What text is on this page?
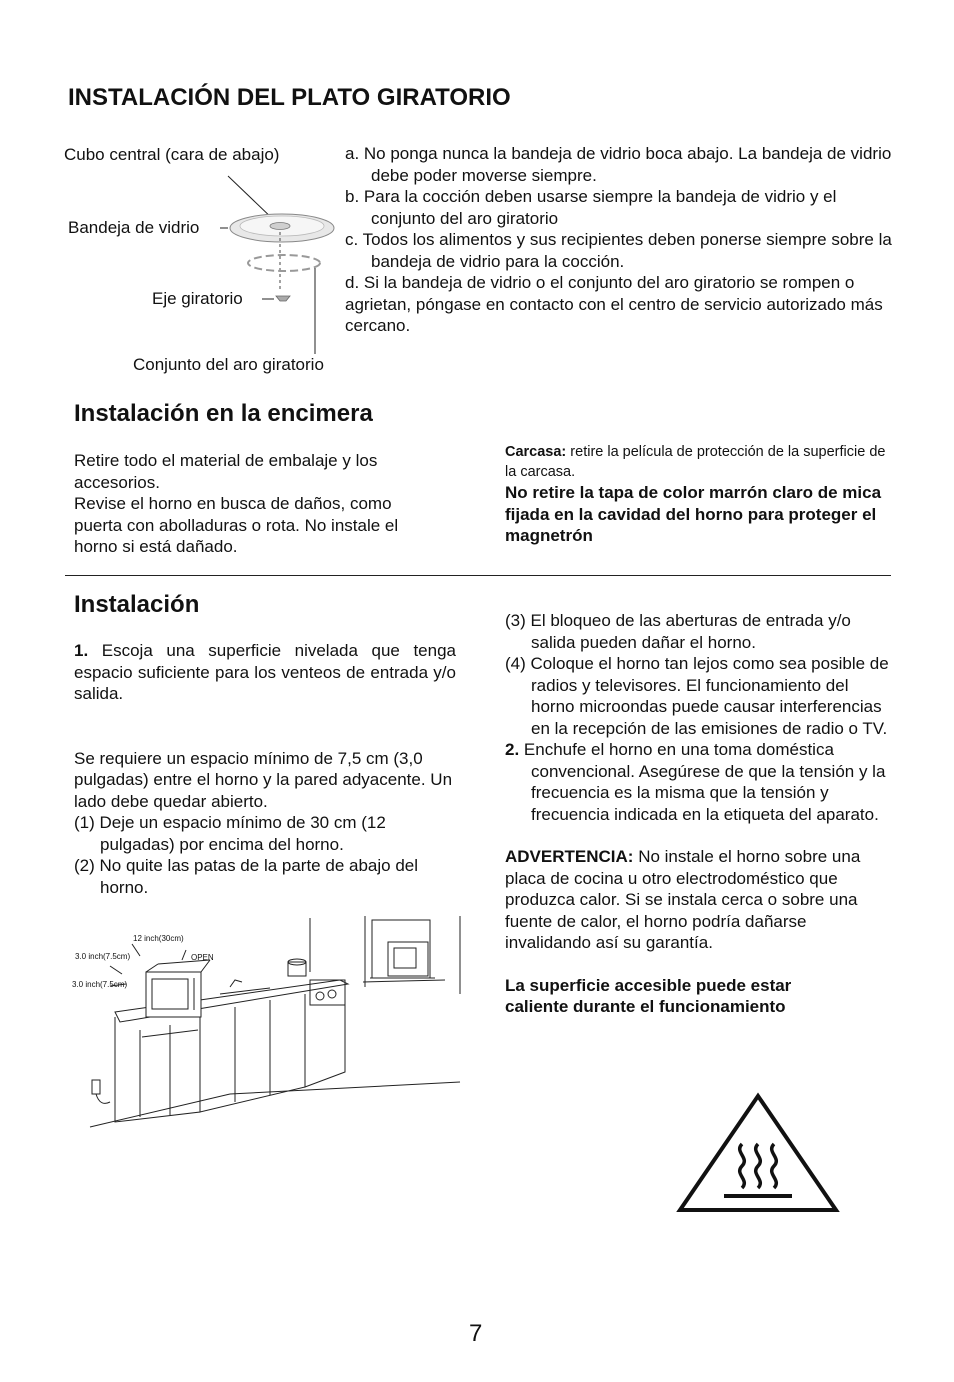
INSTALACIÓN DEL PLATO GIRATORIO
Cubo central (cara de abajo)
Bandeja de vidrio
Eje giratorio
Conjunto del aro giratorio

a. No ponga nunca la bandeja de vidrio boca abajo. La bandeja de vidrio debe poder moverse siempre.

b. Para la cocción deben usarse siempre la bandeja de vidrio y el conjunto del aro giratorio

c. Todos los alimentos y sus recipientes deben ponerse siempre sobre la bandeja de vidrio para la cocción.

d. Si la bandeja de vidrio o el conjunto del aro giratorio se rompen o agrietan, póngase en contacto con el centro de servicio autorizado más cercano.

Instalación en la encimera

Retire todo el material de embalaje y los accesorios.

Revise el horno en busca de daños, como puerta con abolladuras o rota. No instale el horno si está dañado.

Carcasa: retire la película de protección de la superficie de la carcasa.

No retire la tapa de color marrón claro de mica fijada en la cavidad del horno para proteger el magnetrón

Instalación

1. Escoja una superficie nivelada que tenga espacio suficiente para los venteos de entrada y/o salida.

Se requiere un espacio mínimo de 7,5 cm (3,0 pulgadas) entre el horno y la pared adyacente. Un lado debe quedar abierto.

(1) Deje un espacio mínimo de 30 cm (12 pulgadas) por encima del horno.

(2) No quite las patas de la parte de abajo del horno.

12 inch(30cm)
3.0 inch(7.5cm)
3.0 inch(7.5cm)
OPEN

(3) El bloqueo de las aberturas de entrada y/o salida pueden dañar el horno.

(4) Coloque el horno tan lejos como sea posible de radios y televisores. El funcionamiento del horno microondas puede causar interferencias en la recepción de las emisiones de radio o TV.

2. Enchufe el horno en una toma doméstica convencional. Asegúrese de que la tensión y la frecuencia es la misma que la tensión y frecuencia indicada en la etiqueta del aparato.

ADVERTENCIA: No instale el horno sobre una placa de cocina u otro electrodoméstico que produzca calor. Si se instala cerca o sobre una fuente de calor, el horno podría dañarse invalidando así su garantía.

La superficie accesible puede estar caliente durante el funcionamiento

7
